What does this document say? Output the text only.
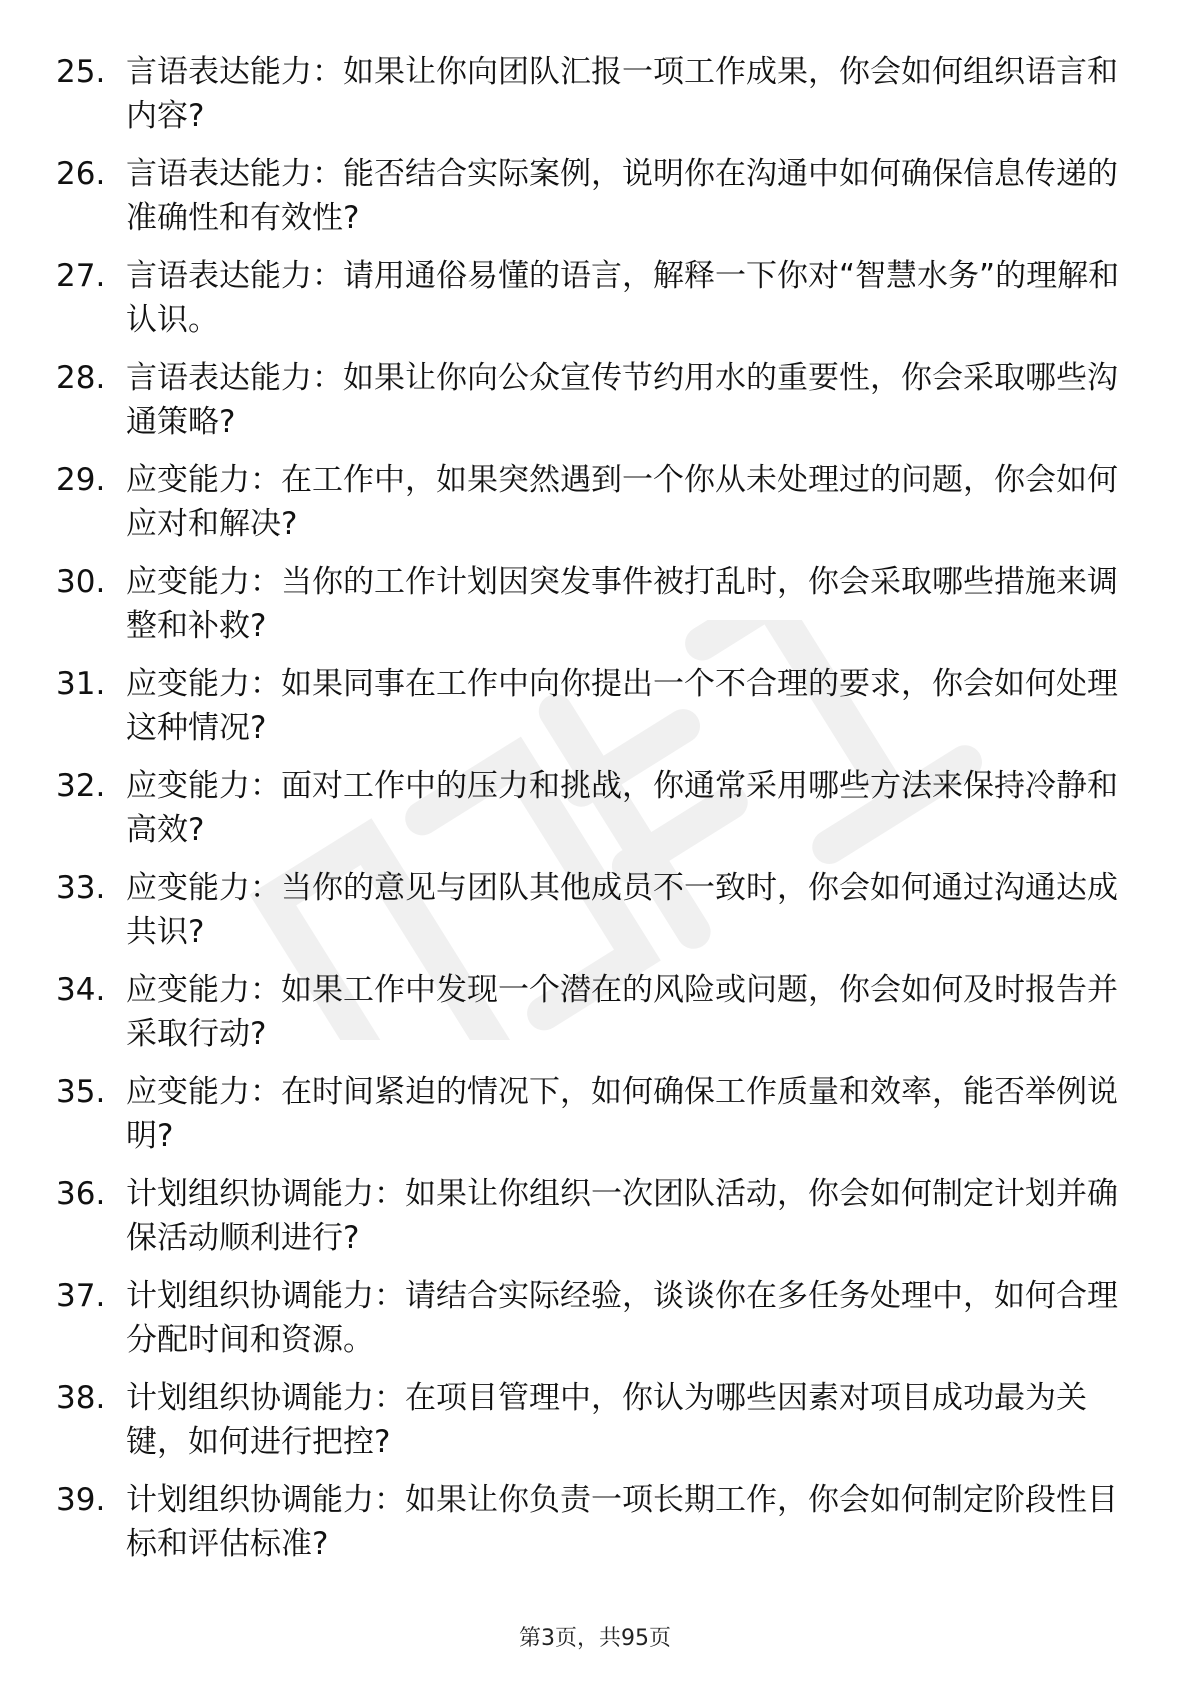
25. 言语表达能力：如果让你向团队汇报一项工作成果，你会如何组织语言和内容?
26. 言语表达能力：能否结合实际案例，说明你在沟通中如何确保信息传递的准确性和有效性?
27. 言语表达能力：请用通俗易懂的语言，解释一下你对“智慧水务”的理解和认识。
28. 言语表达能力：如果让你向公众宣传节约用水的重要性，你会采取哪些沟通策略?
29. 应变能力：在工作中，如果突然遇到一个你从未处理过的问题，你会如何应对和解决?
30. 应变能力：当你的工作计划因突发事件被打乱时，你会采取哪些措施来调整和补救?
31. 应变能力：如果同事在工作中向你提出一个不合理的要求，你会如何处理这种情况?
32. 应变能力：面对工作中的压力和挑战，你通常采用哪些方法来保持冷静和高效?
33. 应变能力：当你的意见与团队其他成员不一致时，你会如何通过沟通达成共识?
34. 应变能力：如果工作中发现一个潜在的风险或问题，你会如何及时报告并采取行动?
35. 应变能力：在时间紧迫的情况下，如何确保工作质量和效率，能否举例说明?
36. 计划组织协调能力：如果让你组织一次团队活动，你会如何制定计划并确保活动顺利进行?
37. 计划组织协调能力：请结合实际经验，谈谈你在多任务处理中，如何合理分配时间和资源。
38. 计划组织协调能力：在项目管理中，你认为哪些因素对项目成功最为关键，如何进行把控?
39. 计划组织协调能力：如果让你负责一项长期工作，你会如何制定阶段性目标和评估标准?
第3页，共95页
